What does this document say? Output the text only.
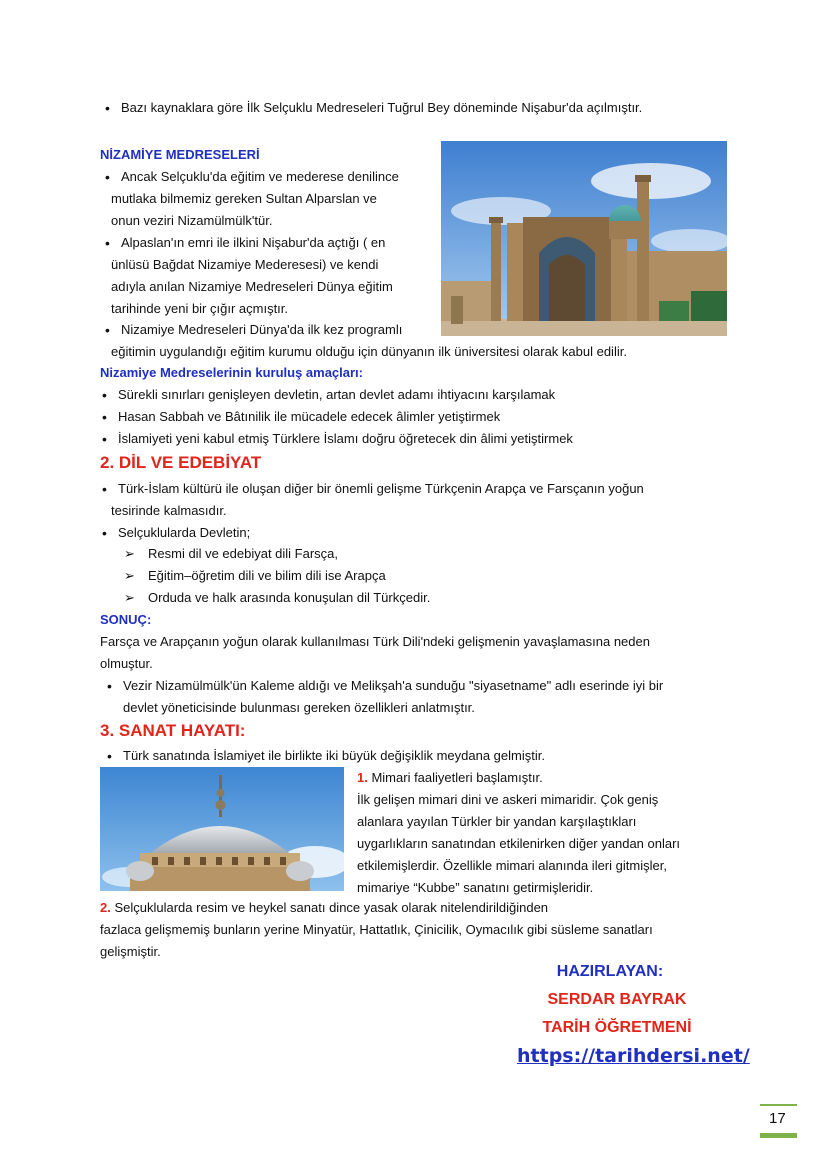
• Bazı kaynaklara göre İlk Selçuklu Medreseleri Tuğrul Bey döneminde Nişabur'da açılmıştır.
NİZAMİYE MEDRESELERİ
• Ancak Selçuklu'da eğitim ve mederese denilince
mutlaka bilmemiz gereken Sultan Alparslan ve
onun veziri Nizamülmülk'tür.
• Alpaslan'ın emri ile ilkini Nişabur'da açtığı ( en
ünlüsü Bağdat Nizamiye Mederesesi) ve kendi
adıyla anılan Nizamiye Medreseleri Dünya eğitim
tarihinde yeni bir çığır açmıştır.
• Nizamiye Medreseleri Dünya'da ilk kez programlı
eğitimin uygulandığı eğitim kurumu olduğu için dünyanın ilk üniversitesi olarak kabul edilir.
Nizamiye Medreselerinin kuruluş amaçları:
• Sürekli sınırları genişleyen devletin, artan devlet adamı ihtiyacını karşılamak
• Hasan Sabbah ve Bâtınilik ile mücadele edecek âlimler yetiştirmek
• İslamiyeti yeni kabul etmiş Türklere İslamı doğru öğretecek din âlimi yetiştirmek
2. DİL VE EDEBİYAT
• Türk-İslam kültürü ile oluşan diğer bir önemli gelişme Türkçenin Arapça ve Farsçanın yoğun
tesirinde kalmasıdır.
• Selçuklularda Devletin;
➢ Resmi dil ve edebiyat dili Farsça,
➢ Eğitim–öğretim dili ve bilim dili ise Arapça
➢ Orduda ve halk arasında konuşulan dil Türkçedir.
SONUÇ:
Farsça ve Arapçanın yoğun olarak kullanılması Türk Dili'ndeki gelişmenin yavaşlamasına neden
olmuştur.
• Vezir Nizamülmülk'ün Kaleme aldığı ve Melikşah'a sunduğu "siyasetname" adlı eserinde iyi bir
devlet yöneticisinde bulunması gereken özellikleri anlatmıştır.
3. SANAT HAYATI:
• Türk sanatında İslamiyet ile birlikte iki büyük değişiklik meydana gelmiştir.
1. Mimari faaliyetleri başlamıştır.
İlk gelişen mimari dini ve askeri mimaridir. Çok geniş
alanlara yayılan Türkler bir yandan karşılaştıkları
uygarlıkların sanatından etkilenirken diğer yandan onları
etkilemişlerdir. Özellikle mimari alanında ileri gitmişler,
mimariye “Kubbe” sanatını getirmişleridir.
2. Selçuklularda resim ve heykel sanatı dince yasak olarak nitelendirildiğinden
fazlaca gelişmemiş bunların yerine Minyatür, Hattatlık, Çinicilik, Oymacılık gibi süsleme sanatları
gelişmiştir.
HAZIRLAYAN:
SERDAR BAYRAK
TARİH ÖĞRETMENİ
https://tarihdersi.net/
17
